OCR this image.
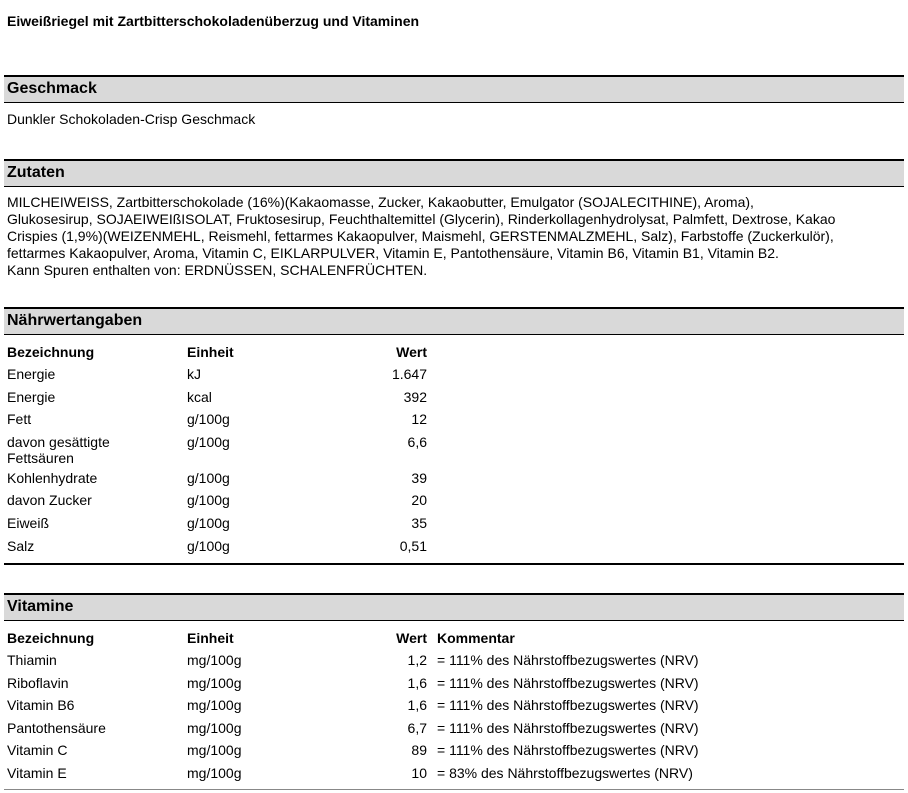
Eiweißriegel mit Zartbitterschokoladenüberzug und Vitaminen
Geschmack
Dunkler Schokoladen-Crisp Geschmack
Zutaten
MILCHEIWEISS, Zartbitterschokolade (16%)(Kakaomasse, Zucker, Kakaobutter, Emulgator (SOJALECITHINE), Aroma),
Glukosesirup, SOJAEIWEIßISOLAT, Fruktosesirup, Feuchthaltemittel (Glycerin), Rinderkollagenhydrolysat, Palmfett, Dextrose, Kakao
Crispies (1,9%)(WEIZENMEHL, Reismehl, fettarmes Kakaopulver, Maismehl, GERSTENMALZMEHL, Salz), Farbstoffe (Zuckerkulör),
fettarmes Kakaopulver, Aroma, Vitamin C, EIKLARPULVER, Vitamin E, Pantothensäure, Vitamin B6, Vitamin B1, Vitamin B2.
Kann Spuren enthalten von: ERDNÜSSEN, SCHALENFRÜCHTEN.
Nährwertangaben
Bezeichnung	Einheit	Wert
Energie	kJ	1.647
Energie	kcal	392
Fett	g/100g	12
davon gesättigte Fettsäuren	g/100g	6,6
Kohlenhydrate	g/100g	39
davon Zucker	g/100g	20
Eiweiß	g/100g	35
Salz	g/100g	0,51
Vitamine
Bezeichnung	Einheit	Wert	Kommentar
Thiamin	mg/100g	1,2	= 111% des Nährstoffbezugswertes (NRV)
Riboflavin	mg/100g	1,6	= 111% des Nährstoffbezugswertes (NRV)
Vitamin B6	mg/100g	1,6	= 111% des Nährstoffbezugswertes (NRV)
Pantothensäure	mg/100g	6,7	= 111% des Nährstoffbezugswertes (NRV)
Vitamin C	mg/100g	89	= 111% des Nährstoffbezugswertes (NRV)
Vitamin E	mg/100g	10	= 83% des Nährstoffbezugswertes (NRV)
